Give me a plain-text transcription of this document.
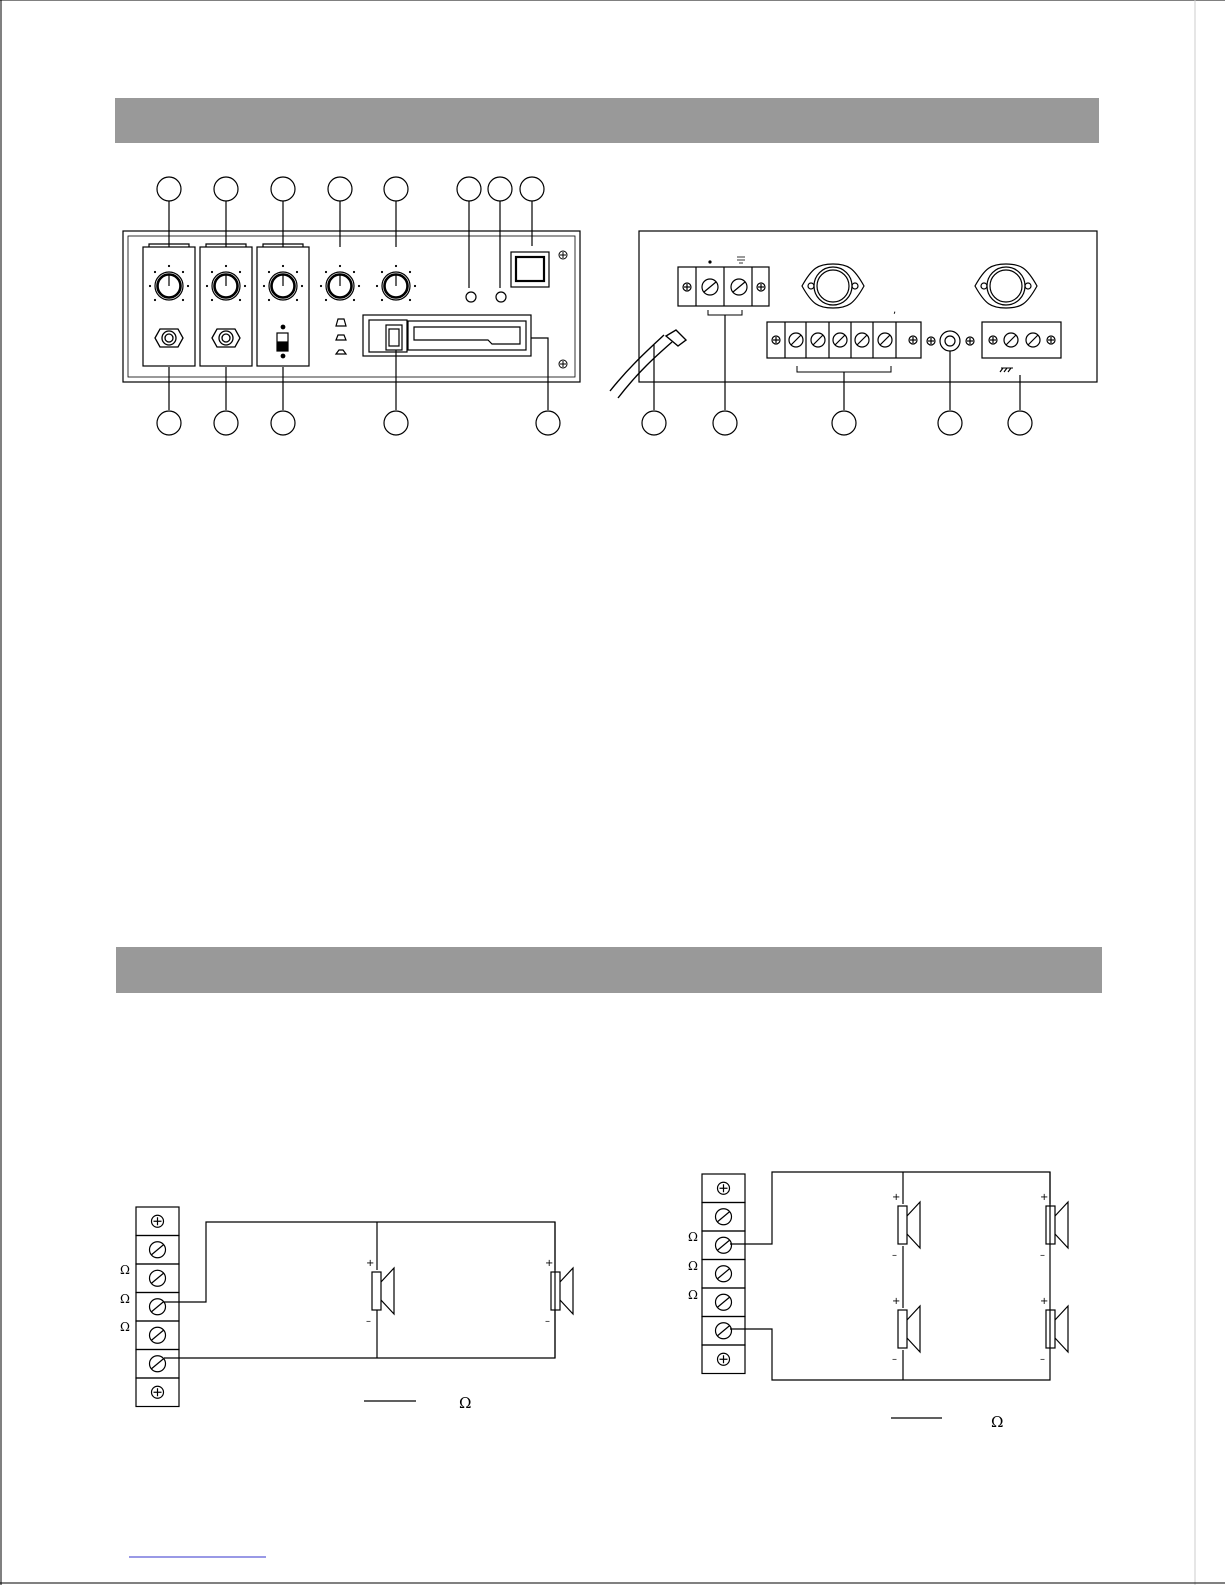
,
Ω
Ω
Ω
+
–
+
–
Ω
Ω
Ω
Ω
+
–
+
–
+
–
+
–
Ω
